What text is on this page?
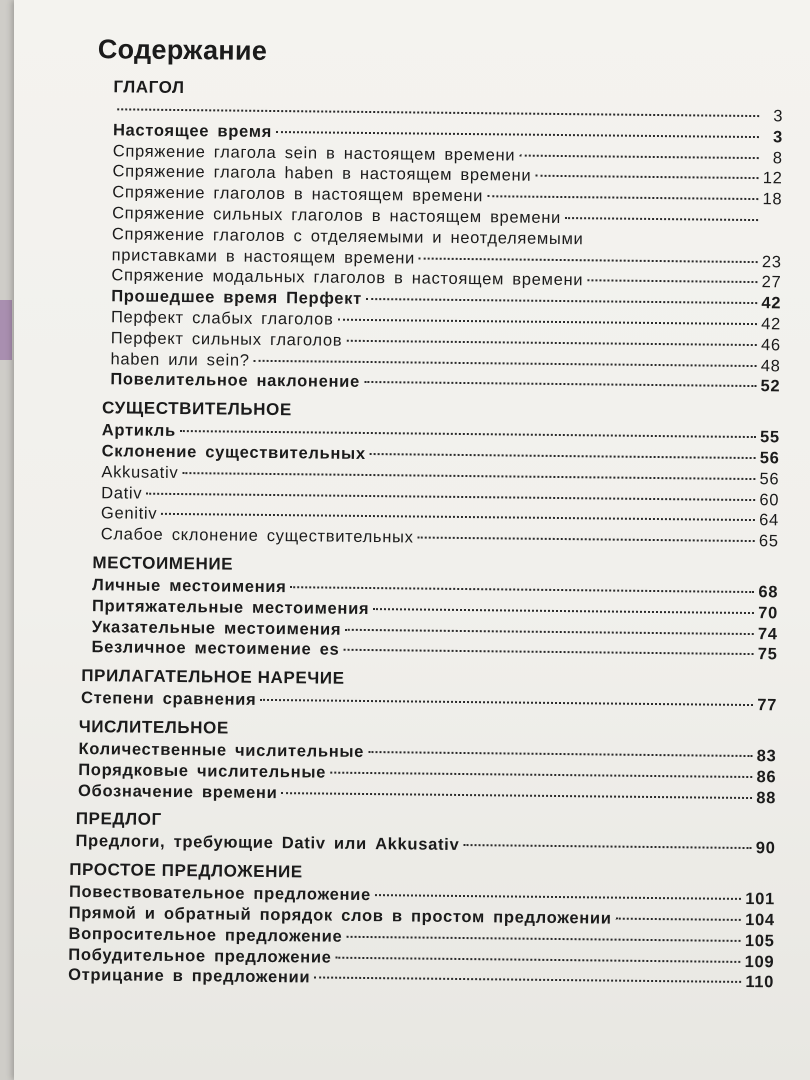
Содержание
ГЛАГОЛ
3
Настоящее время	3
Спряжение глагола sein в настоящем времени	8
Спряжение глагола haben в настоящем времени	12
Спряжение глаголов в настоящем времени	18
Спряжение сильных глаголов в настоящем времени
Спряжение глаголов с отделяемыми и неотделяемыми
приставками в настоящем времени	23
Спряжение модальных глаголов в настоящем времени	27
Прошедшее время Перфект	42
Перфект слабых глаголов	42
Перфект сильных глаголов	46
haben или sein?	48
Повелительное наклонение	52
СУЩЕСТВИТЕЛЬНОЕ
Артикль	55
Склонение существительных	56
Akkusativ	56
Dativ	60
Genitiv	64
Слабое склонение существительных	65
МЕСТОИМЕНИЕ
Личные местоимения	68
Притяжательные местоимения	70
Указательные местоимения	74
Безличное местоимение es	75
ПРИЛАГАТЕЛЬНОЕ НАРЕЧИЕ
Степени сравнения	77
ЧИСЛИТЕЛЬНОЕ
Количественные числительные	83
Порядковые числительные	86
Обозначение времени	88
ПРЕДЛОГ
Предлоги, требующие Dativ или Akkusativ	90
ПРОСТОЕ ПРЕДЛОЖЕНИЕ
Повествовательное предложение	101
Прямой и обратный порядок слов в простом предложении	104
Вопросительное предложение	105
Побудительное предложение	109
Отрицание в предложении	110
